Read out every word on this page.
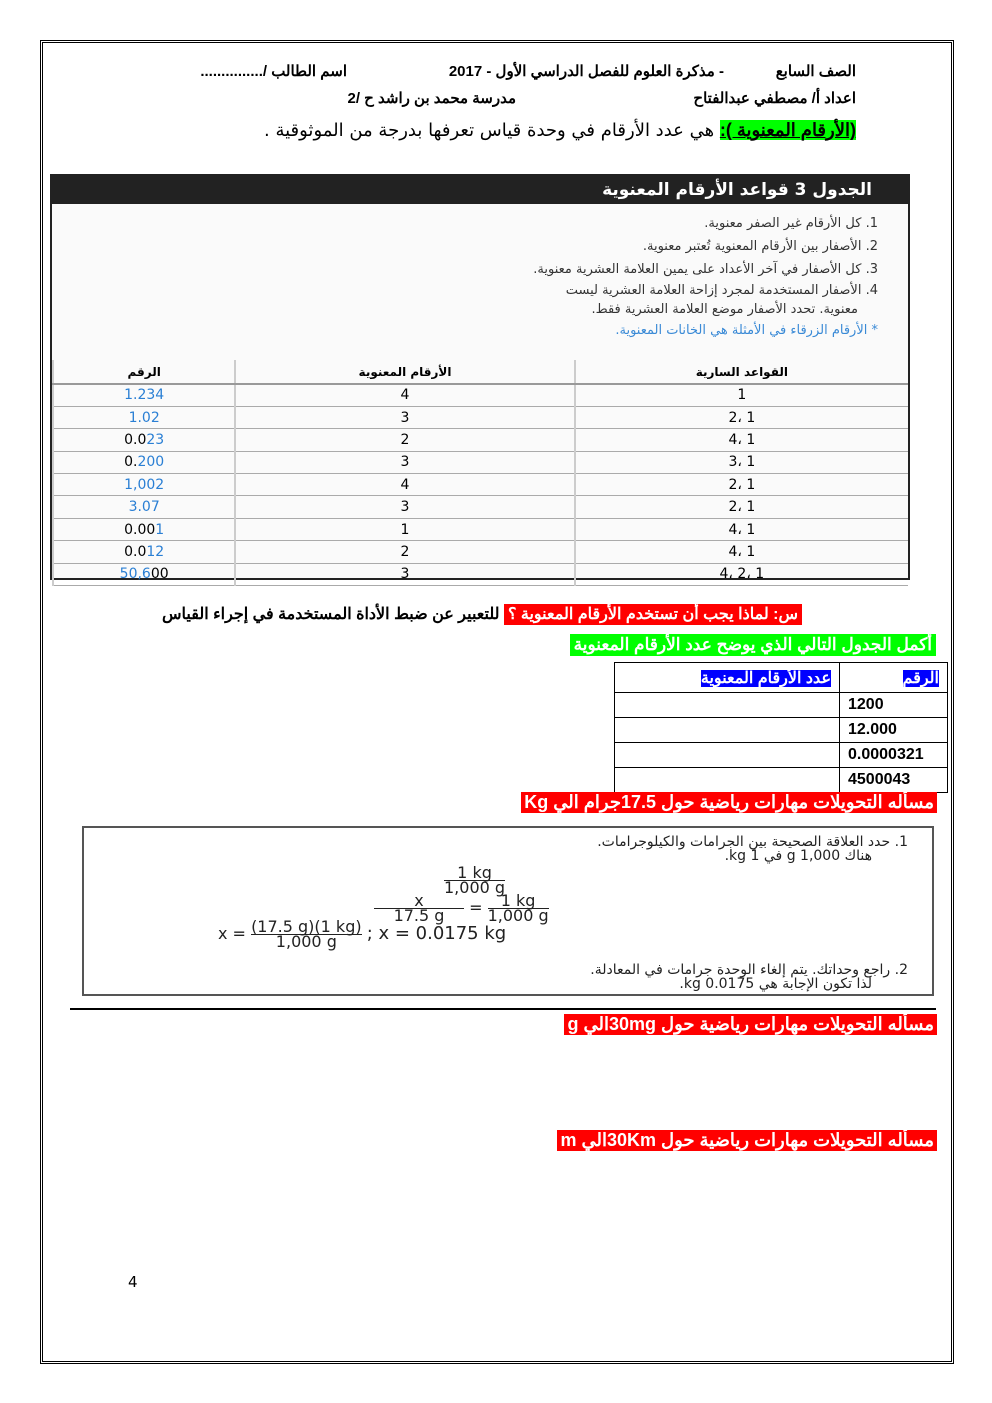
الصف السابع
- مذكرة العلوم للفصل الدراسي الأول - 2017
اسم الطالب /...............
اعداد أ/ مصطفي عبدالفتاح
مدرسة محمد بن راشد ح /2
(الأرقام المعنوية ): هي عدد الأرقام في وحدة قياس تعرفها بدرجة من الموثوقية .
الجدول 3 قواعد الأرقام المعنوية
1. كل الأرقام غير الصفر معنوية.
2. الأصفار بين الأرقام المعنوية تُعتبر معنوية.
3. كل الأصفار في آخر الأعداد على يمين العلامة العشرية معنوية.
4. الأصفار المستخدمة لمجرد إزاحة العلامة العشرية ليست
معنوية. تحدد الأصفار موضع العلامة العشرية فقط.
* الأرقام الزرقاء في الأمثلة هي الخانات المعنوية.
القواعد السارية	الأرقام المعنوية	الرقم
1	4	1.234
1 ،2	3	1.02
1 ،4	2	0.023
1 ،3	3	0.200
1 ،2	4	1,002
1 ،2	3	3.07
1 ،4	1	0.001
1 ،4	2	0.012
1 ،2 ،4	3	50,600
س: لماذا يجب أن تستخدم الأرقام المعنوية ؟ للتعبير عن ضبط الأداة المستخدمة في إجراء القياس
أكمل الجدول التالي الذي يوضح عدد الأرقام المعنوية
الرقم	عدد الأرقام المعنوية
1200	
12.000	
0.0000321	
4500043	
مسأله التحويلات مهارات رياضية حول 17.5جرام الي Kg
1. حدد العلاقة الصحيحة بين الجرامات والكيلوجرامات.
هناك 1,000 g في 1 kg.
$\frac{1 kg}{1,000 g}$
$\frac{x}{17.5 g} = \frac{1 kg}{1,000 g}$
$x = \frac{(17.5 g)(1 kg)}{1,000 g}$ ; x = 0.0175 kg
2. راجع وحداتك. يتم إلغاء الوحدة جرامات في المعادلة.
لذا تكون الإجابة هي 0.0175 kg.
مسأله التحويلات مهارات رياضية حول 30mgالي g
مسأله التحويلات مهارات رياضية حول 30Kmالي m
4
